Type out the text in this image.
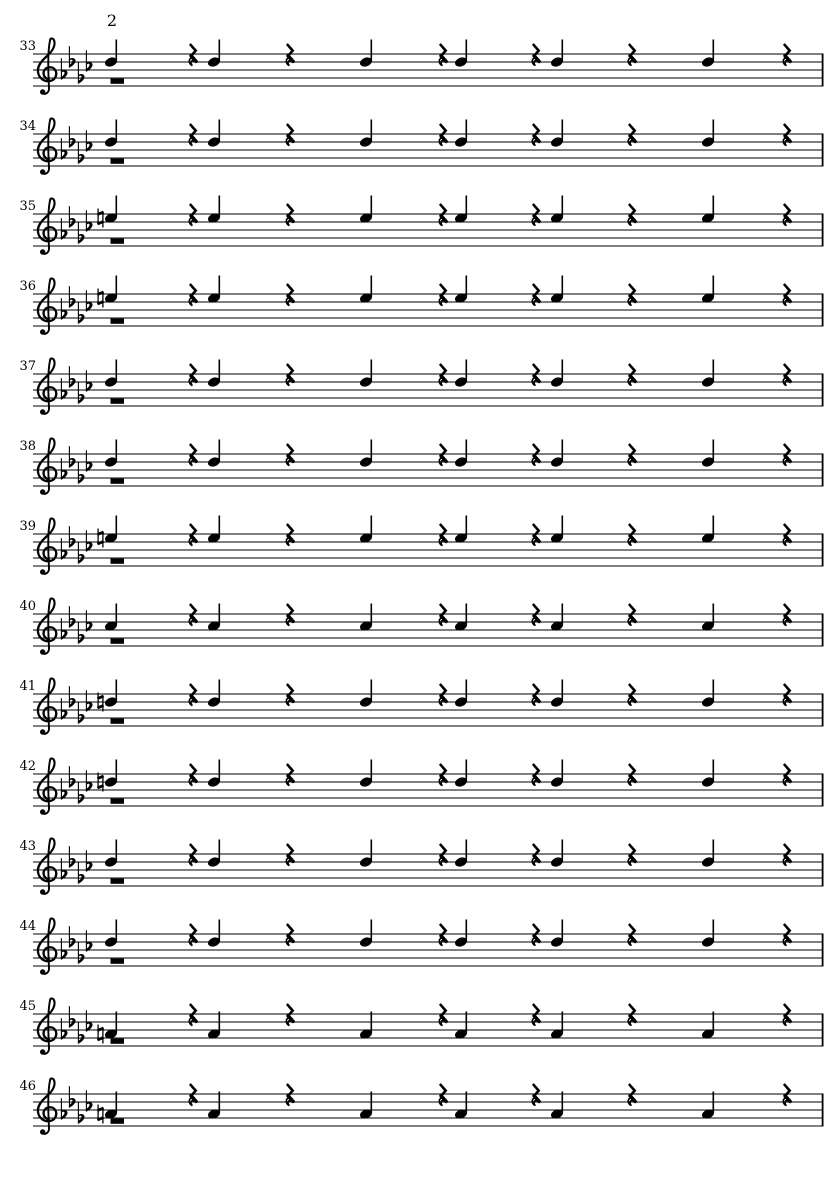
2
33
34
35
36
37
38
39
40
41
42
43
44
45
46
